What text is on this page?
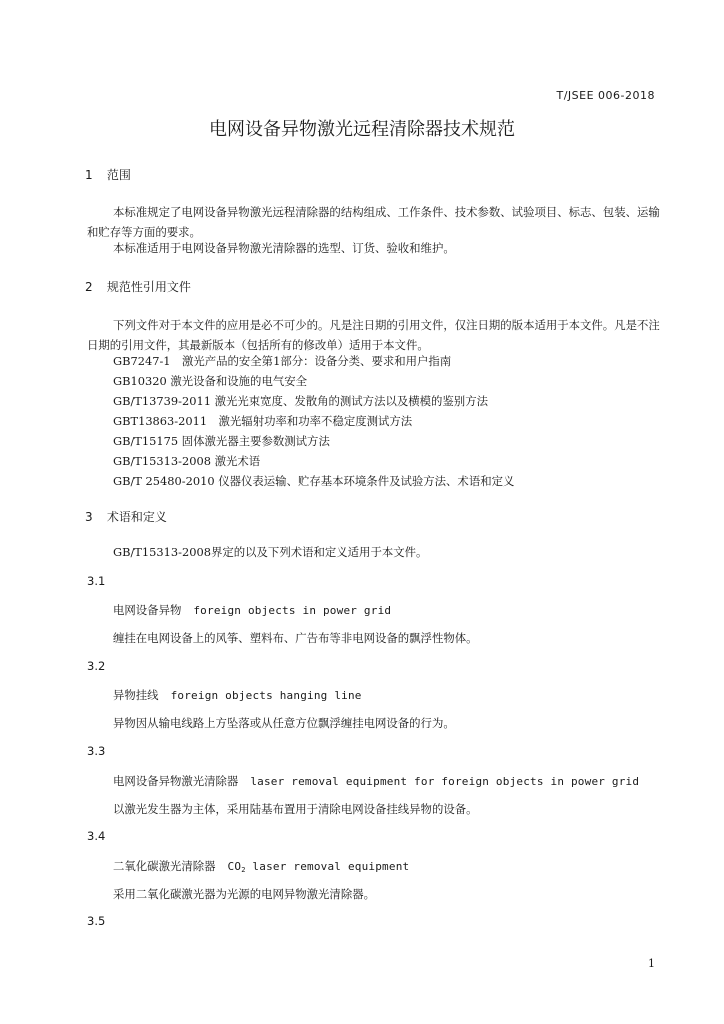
T/JSEE 006-2018
电网设备异物激光远程清除器技术规范
1 范围
本标准规定了电网设备异物激光远程清除器的结构组成、工作条件、技术参数、试验项目、标志、包装、运输和贮存等方面的要求。
本标准适用于电网设备异物激光清除器的选型、订货、验收和维护。
2 规范性引用文件
下列文件对于本文件的应用是必不可少的。凡是注日期的引用文件，仅注日期的版本适用于本文件。凡是不注日期的引用文件，其最新版本（包括所有的修改单）适用于本文件。
GB7247-1　激光产品的安全第1部分：设备分类、要求和用户指南
GB10320 激光设备和设施的电气安全
GB/T13739-2011 激光光束宽度、发散角的测试方法以及横模的鉴别方法
GBT13863-2011　激光辐射功率和功率不稳定度测试方法
GB/T15175 固体激光器主要参数测试方法
GB/T15313-2008 激光术语
GB/T 25480-2010 仪器仪表运输、贮存基本环境条件及试验方法、术语和定义
3 术语和定义
GB/T15313-2008界定的以及下列术语和定义适用于本文件。
3.1
电网设备异物 foreign objects in power grid
缠挂在电网设备上的风筝、塑料布、广告布等非电网设备的飘浮性物体。
3.2
异物挂线 foreign objects hanging line
异物因从输电线路上方坠落或从任意方位飘浮缠挂电网设备的行为。
3.3
电网设备异物激光清除器 laser removal equipment for foreign objects in power grid
以激光发生器为主体，采用陆基布置用于清除电网设备挂线异物的设备。
3.4
二氧化碳激光清除器 $CO_2$ laser removal equipment
采用二氧化碳激光器为光源的电网异物激光清除器。
3.5
1
